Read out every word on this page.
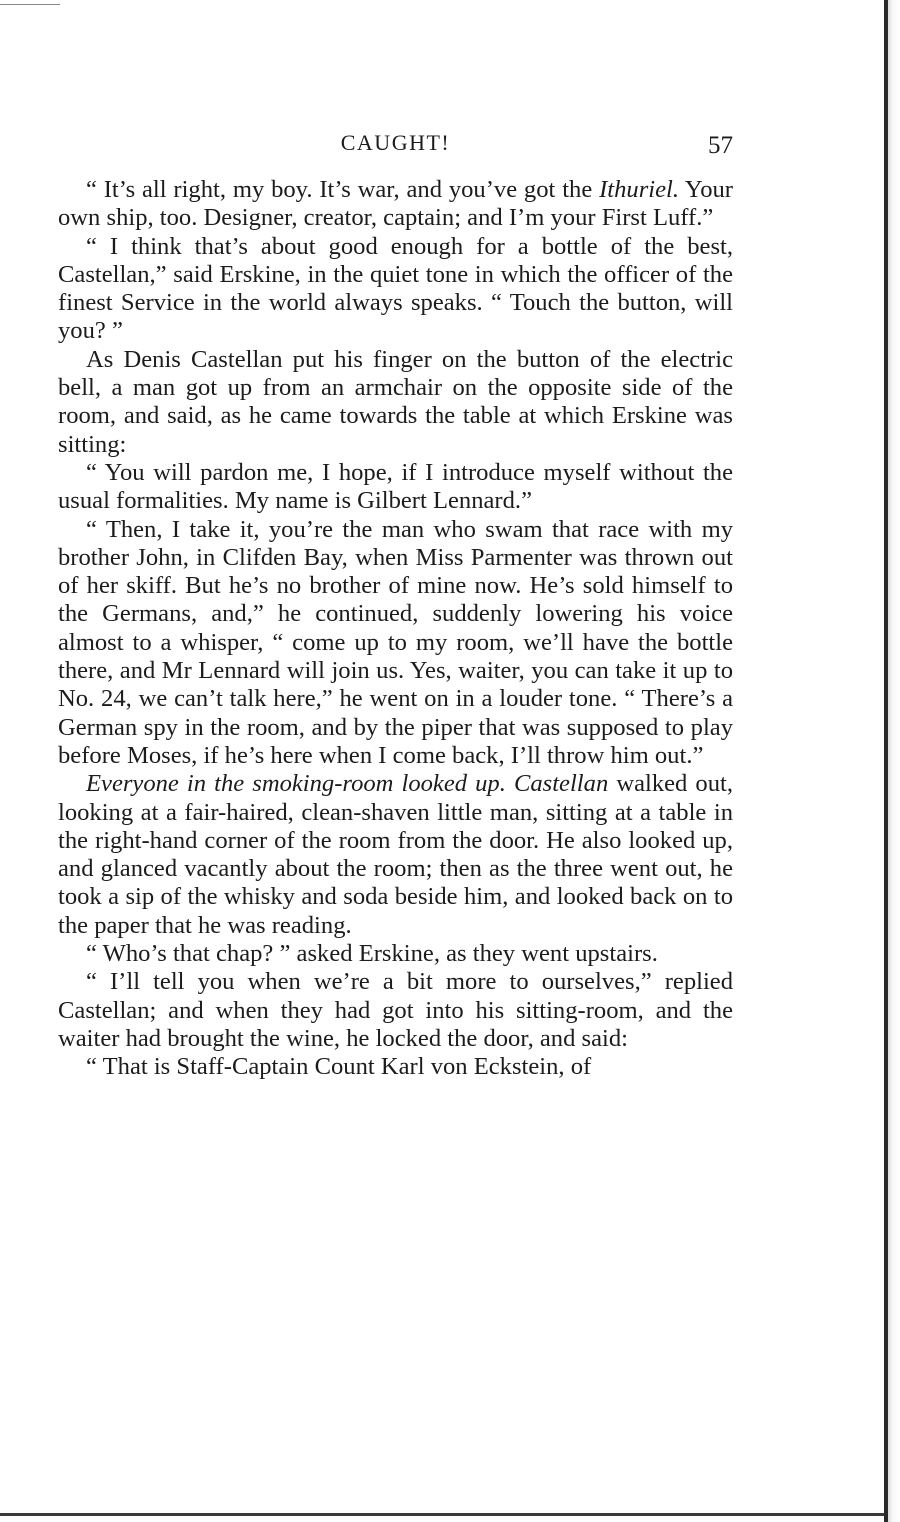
CAUGHT!	57

“ It’s all right, my boy. It’s war, and you’ve got the Ithuriel. Your own ship, too. Designer, creator, captain; and I’m your First Luff.”

“ I think that’s about good enough for a bottle of the best, Castellan,” said Erskine, in the quiet tone in which the officer of the finest Service in the world always speaks. “ Touch the button, will you? ”

As Denis Castellan put his finger on the button of the electric bell, a man got up from an armchair on the opposite side of the room, and said, as he came towards the table at which Erskine was sitting:

“ You will pardon me, I hope, if I introduce myself without the usual formalities. My name is Gilbert Lennard.”

“ Then, I take it, you’re the man who swam that race with my brother John, in Clifden Bay, when Miss Parmenter was thrown out of her skiff. But he’s no brother of mine now. He’s sold himself to the Germans, and,” he continued, suddenly lowering his voice almost to a whisper, “ come up to my room, we’ll have the bottle there, and Mr Lennard will join us. Yes, waiter, you can take it up to No. 24, we can’t talk here,” he went on in a louder tone. “ There’s a German spy in the room, and by the piper that was supposed to play before Moses, if he’s here when I come back, I’ll throw him out.”

Everyone in the smoking-room looked up. Castellan walked out, looking at a fair-haired, clean-shaven little man, sitting at a table in the right-hand corner of the room from the door. He also looked up, and glanced vacantly about the room; then as the three went out, he took a sip of the whisky and soda beside him, and looked back on to the paper that he was reading.

“ Who’s that chap? ” asked Erskine, as they went upstairs.

“ I’ll tell you when we’re a bit more to ourselves,” replied Castellan; and when they had got into his sitting-room, and the waiter had brought the wine, he locked the door, and said:

“ That is Staff-Captain Count Karl von Eckstein, of
